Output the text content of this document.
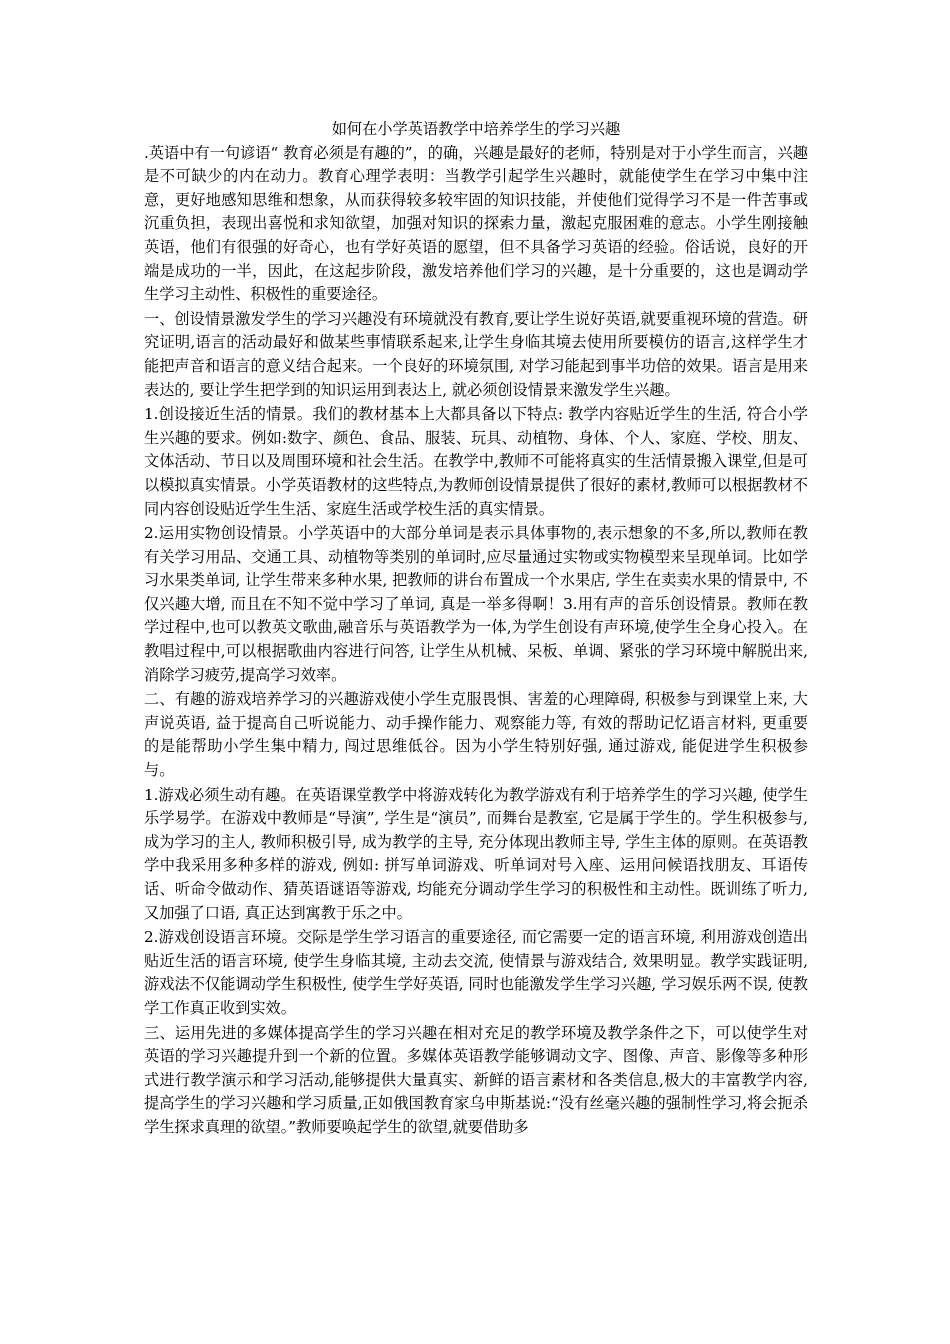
如何在小学英语教学中培养学生的学习兴趣

.英语中有一句谚语“ 教育必须是有趣的”，的确，兴趣是最好的老师，特别是对于小学生而言，兴趣是不可缺少的内在动力。教育心理学表明：当教学引起学生兴趣时，就能使学生在学习中集中注意，更好地感知思维和想象，从而获得较多较牢固的知识技能，并使他们觉得学习不是一件苦事或沉重负担，表现出喜悦和求知欲望，加强对知识的探索力量，激起克服困难的意志。小学生刚接触英语，他们有很强的好奇心，也有学好英语的愿望，但不具备学习英语的经验。俗话说，良好的开端是成功的一半，因此，在这起步阶段，激发培养他们学习的兴趣，是十分重要的，这也是调动学生学习主动性、积极性的重要途径。

一、创设情景激发学生的学习兴趣没有环境就没有教育,要让学生说好英语,就要重视环境的营造。研究证明,语言的活动最好和做某些事情联系起来,让学生身临其境去使用所要模仿的语言,这样学生才能把声音和语言的意义结合起来。一个良好的环境氛围, 对学习能起到事半功倍的效果。语言是用来表达的, 要让学生把学到的知识运用到表达上, 就必须创设情景来激发学生兴趣。

1.创设接近生活的情景。我们的教材基本上大都具备以下特点: 教学内容贴近学生的生活, 符合小学生兴趣的要求。例如:数字、颜色、食品、服装、玩具、动植物、身体、个人、家庭、学校、朋友、文体活动、节日以及周围环境和社会生活。在教学中,教师不可能将真实的生活情景搬入课堂,但是可以模拟真实情景。小学英语教材的这些特点,为教师创设情景提供了很好的素材,教师可以根据教材不同内容创设贴近学生生活、家庭生活或学校生活的真实情景。

2.运用实物创设情景。小学英语中的大部分单词是表示具体事物的,表示想象的不多,所以,教师在教有关学习用品、交通工具、动植物等类别的单词时,应尽量通过实物或实物模型来呈现单词。比如学习水果类单词, 让学生带来多种水果, 把教师的讲台布置成一个水果店, 学生在卖卖水果的情景中, 不仅兴趣大增, 而且在不知不觉中学习了单词, 真是一举多得啊！3.用有声的音乐创设情景。教师在教学过程中,也可以教英文歌曲,融音乐与英语教学为一体,为学生创设有声环境,使学生全身心投入。在教唱过程中,可以根据歌曲内容进行问答, 让学生从机械、呆板、单调、紧张的学习环境中解脱出来,消除学习疲劳,提高学习效率。

二、有趣的游戏培养学习的兴趣游戏使小学生克服畏惧、害羞的心理障碍, 积极参与到课堂上来, 大声说英语, 益于提高自己听说能力、动手操作能力、观察能力等, 有效的帮助记忆语言材料, 更重要的是能帮助小学生集中精力, 闯过思维低谷。因为小学生特别好强, 通过游戏, 能促进学生积极参与。

1.游戏必须生动有趣。在英语课堂教学中将游戏转化为教学游戏有利于培养学生的学习兴趣, 使学生乐学易学。在游戏中教师是“导演”, 学生是“演员”, 而舞台是教室, 它是属于学生的。学生积极参与, 成为学习的主人, 教师积极引导, 成为教学的主导, 充分体现出教师主导, 学生主体的原则。在英语教学中我采用多种多样的游戏, 例如: 拼写单词游戏、听单词对号入座、运用问候语找朋友、耳语传话、听命令做动作、猜英语谜语等游戏, 均能充分调动学生学习的积极性和主动性。既训练了听力, 又加强了口语, 真正达到寓教于乐之中。

2.游戏创设语言环境。交际是学生学习语言的重要途径, 而它需要一定的语言环境, 利用游戏创造出贴近生活的语言环境, 使学生身临其境, 主动去交流, 使情景与游戏结合, 效果明显。教学实践证明, 游戏法不仅能调动学生积极性, 使学生学好英语, 同时也能激发学生学习兴趣, 学习娱乐两不误, 使教学工作真正收到实效。

三、运用先进的多媒体提高学生的学习兴趣在相对充足的教学环境及教学条件之下，可以使学生对英语的学习兴趣提升到一个新的位置。多媒体英语教学能够调动文字、图像、声音、影像等多种形式进行教学演示和学习活动,能够提供大量真实、新鲜的语言素材和各类信息,极大的丰富教学内容,提高学生的学习兴趣和学习质量,正如俄国教育家乌申斯基说:“没有丝毫兴趣的强制性学习,将会扼杀学生探求真理的欲望。”教师要唤起学生的欲望,就要借助多
